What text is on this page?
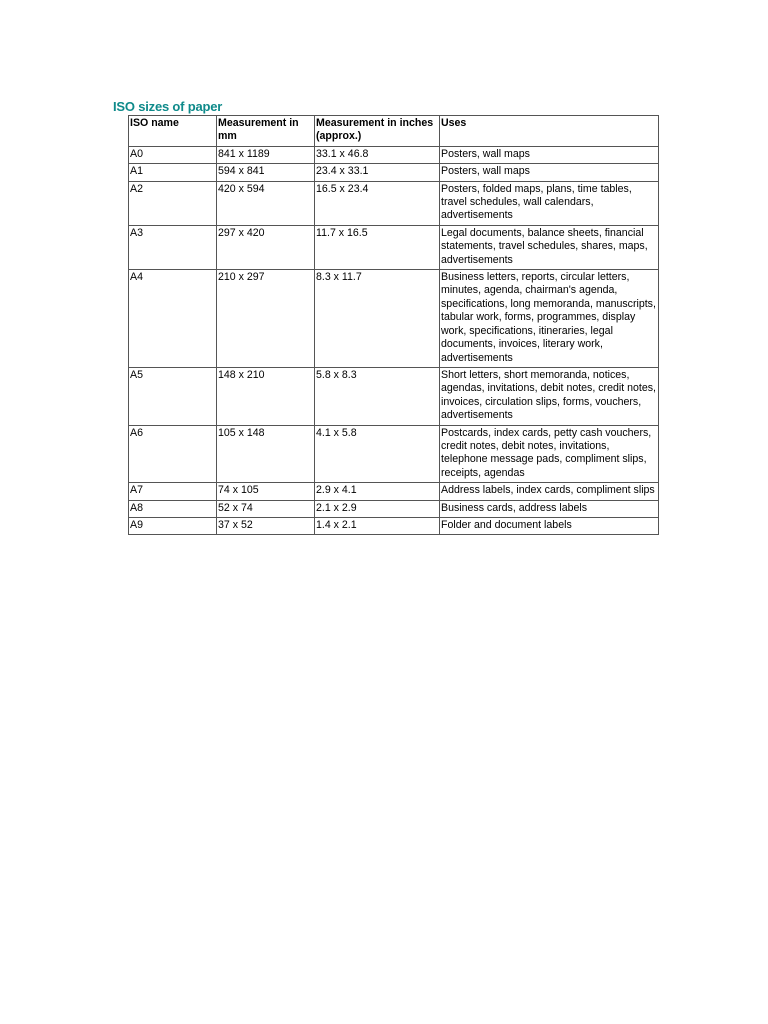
ISO sizes of paper
ISO name	Measurement in mm	Measurement in inches (approx.)	Uses
A0	841 x 1189	33.1 x 46.8	Posters, wall maps
A1	594 x 841	23.4 x 33.1	Posters, wall maps
A2	420 x 594	16.5 x 23.4	Posters, folded maps, plans, time tables, travel schedules, wall calendars, advertisements
A3	297 x 420	11.7 x 16.5	Legal documents, balance sheets, financial statements, travel schedules, shares, maps, advertisements
A4	210 x 297	8.3 x 11.7	Business letters, reports, circular letters, minutes, agenda, chairman's agenda, specifications, long memoranda, manuscripts, tabular work, forms, programmes, display work, specifications, itineraries, legal documents, invoices, literary work, advertisements
A5	148 x 210	5.8 x 8.3	Short letters, short memoranda, notices, agendas, invitations, debit notes, credit notes, invoices, circulation slips, forms, vouchers, advertisements
A6	105 x 148	4.1 x 5.8	Postcards, index cards, petty cash vouchers, credit notes, debit notes, invitations, telephone message pads, compliment slips, receipts, agendas
A7	74 x 105	2.9 x 4.1	Address labels, index cards, compliment slips
A8	52 x 74	2.1 x 2.9	Business cards, address labels
A9	37 x 52	1.4 x 2.1	Folder and document labels
